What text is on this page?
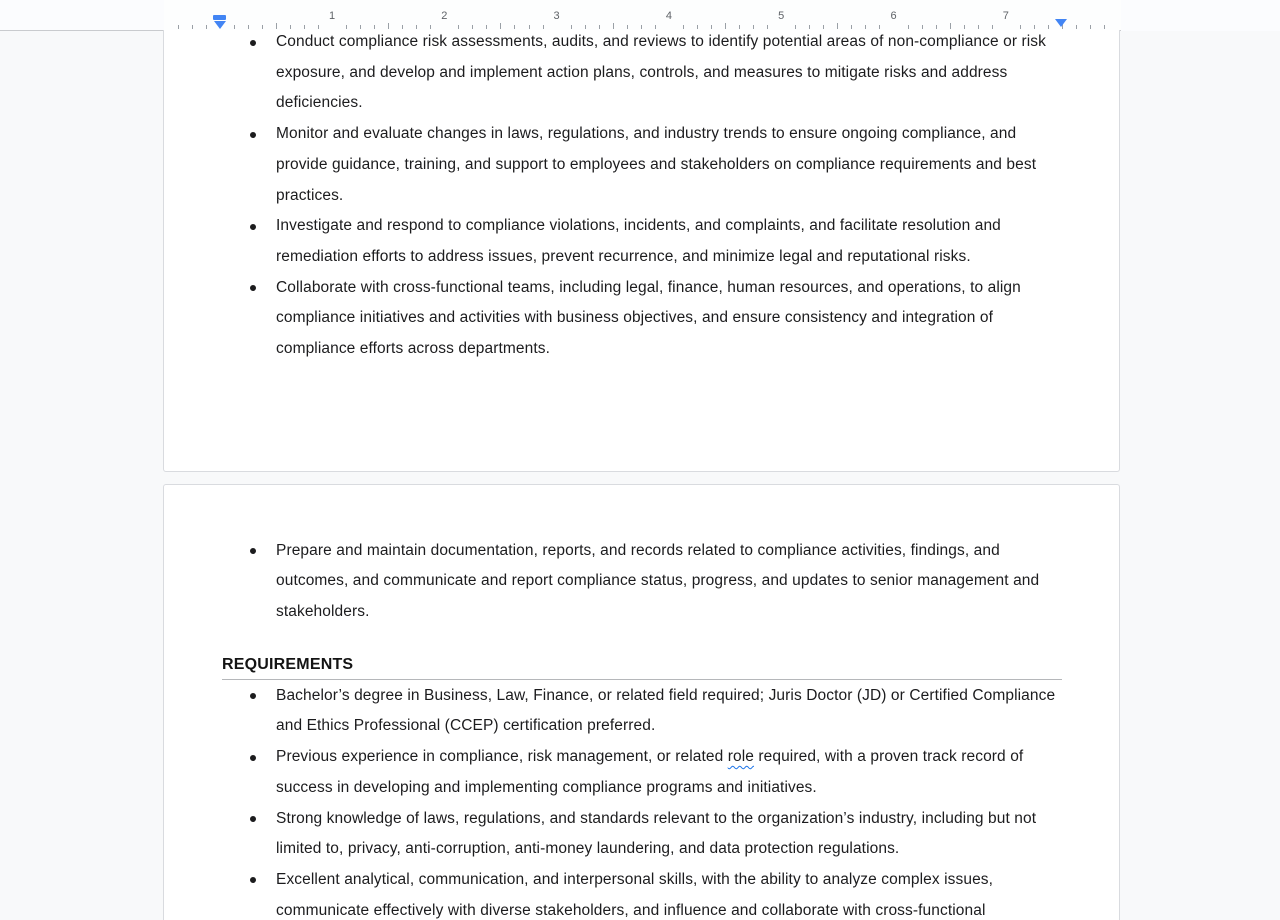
1	2	3	4	5	6	7
Conduct compliance risk assessments, audits, and reviews to identify potential areas of non-compliance or risk exposure, and develop and implement action plans, controls, and measures to mitigate risks and address deficiencies.
Monitor and evaluate changes in laws, regulations, and industry trends to ensure ongoing compliance, and provide guidance, training, and support to employees and stakeholders on compliance requirements and best practices.
Investigate and respond to compliance violations, incidents, and complaints, and facilitate resolution and remediation efforts to address issues, prevent recurrence, and minimize legal and reputational risks.
Collaborate with cross-functional teams, including legal, finance, human resources, and operations, to align compliance initiatives and activities with business objectives, and ensure consistency and integration of compliance efforts across departments.
Prepare and maintain documentation, reports, and records related to compliance activities, findings, and outcomes, and communicate and report compliance status, progress, and updates to senior management and stakeholders.
REQUIREMENTS
Bachelor’s degree in Business, Law, Finance, or related field required; Juris Doctor (JD) or Certified Compliance and Ethics Professional (CCEP) certification preferred.
Previous experience in compliance, risk management, or related role required, with a proven track record of success in developing and implementing compliance programs and initiatives.
Strong knowledge of laws, regulations, and standards relevant to the organization’s industry, including but not limited to, privacy, anti-corruption, anti-money laundering, and data protection regulations.
Excellent analytical, communication, and interpersonal skills, with the ability to analyze complex issues, communicate effectively with diverse stakeholders, and influence and collaborate with cross-functional
